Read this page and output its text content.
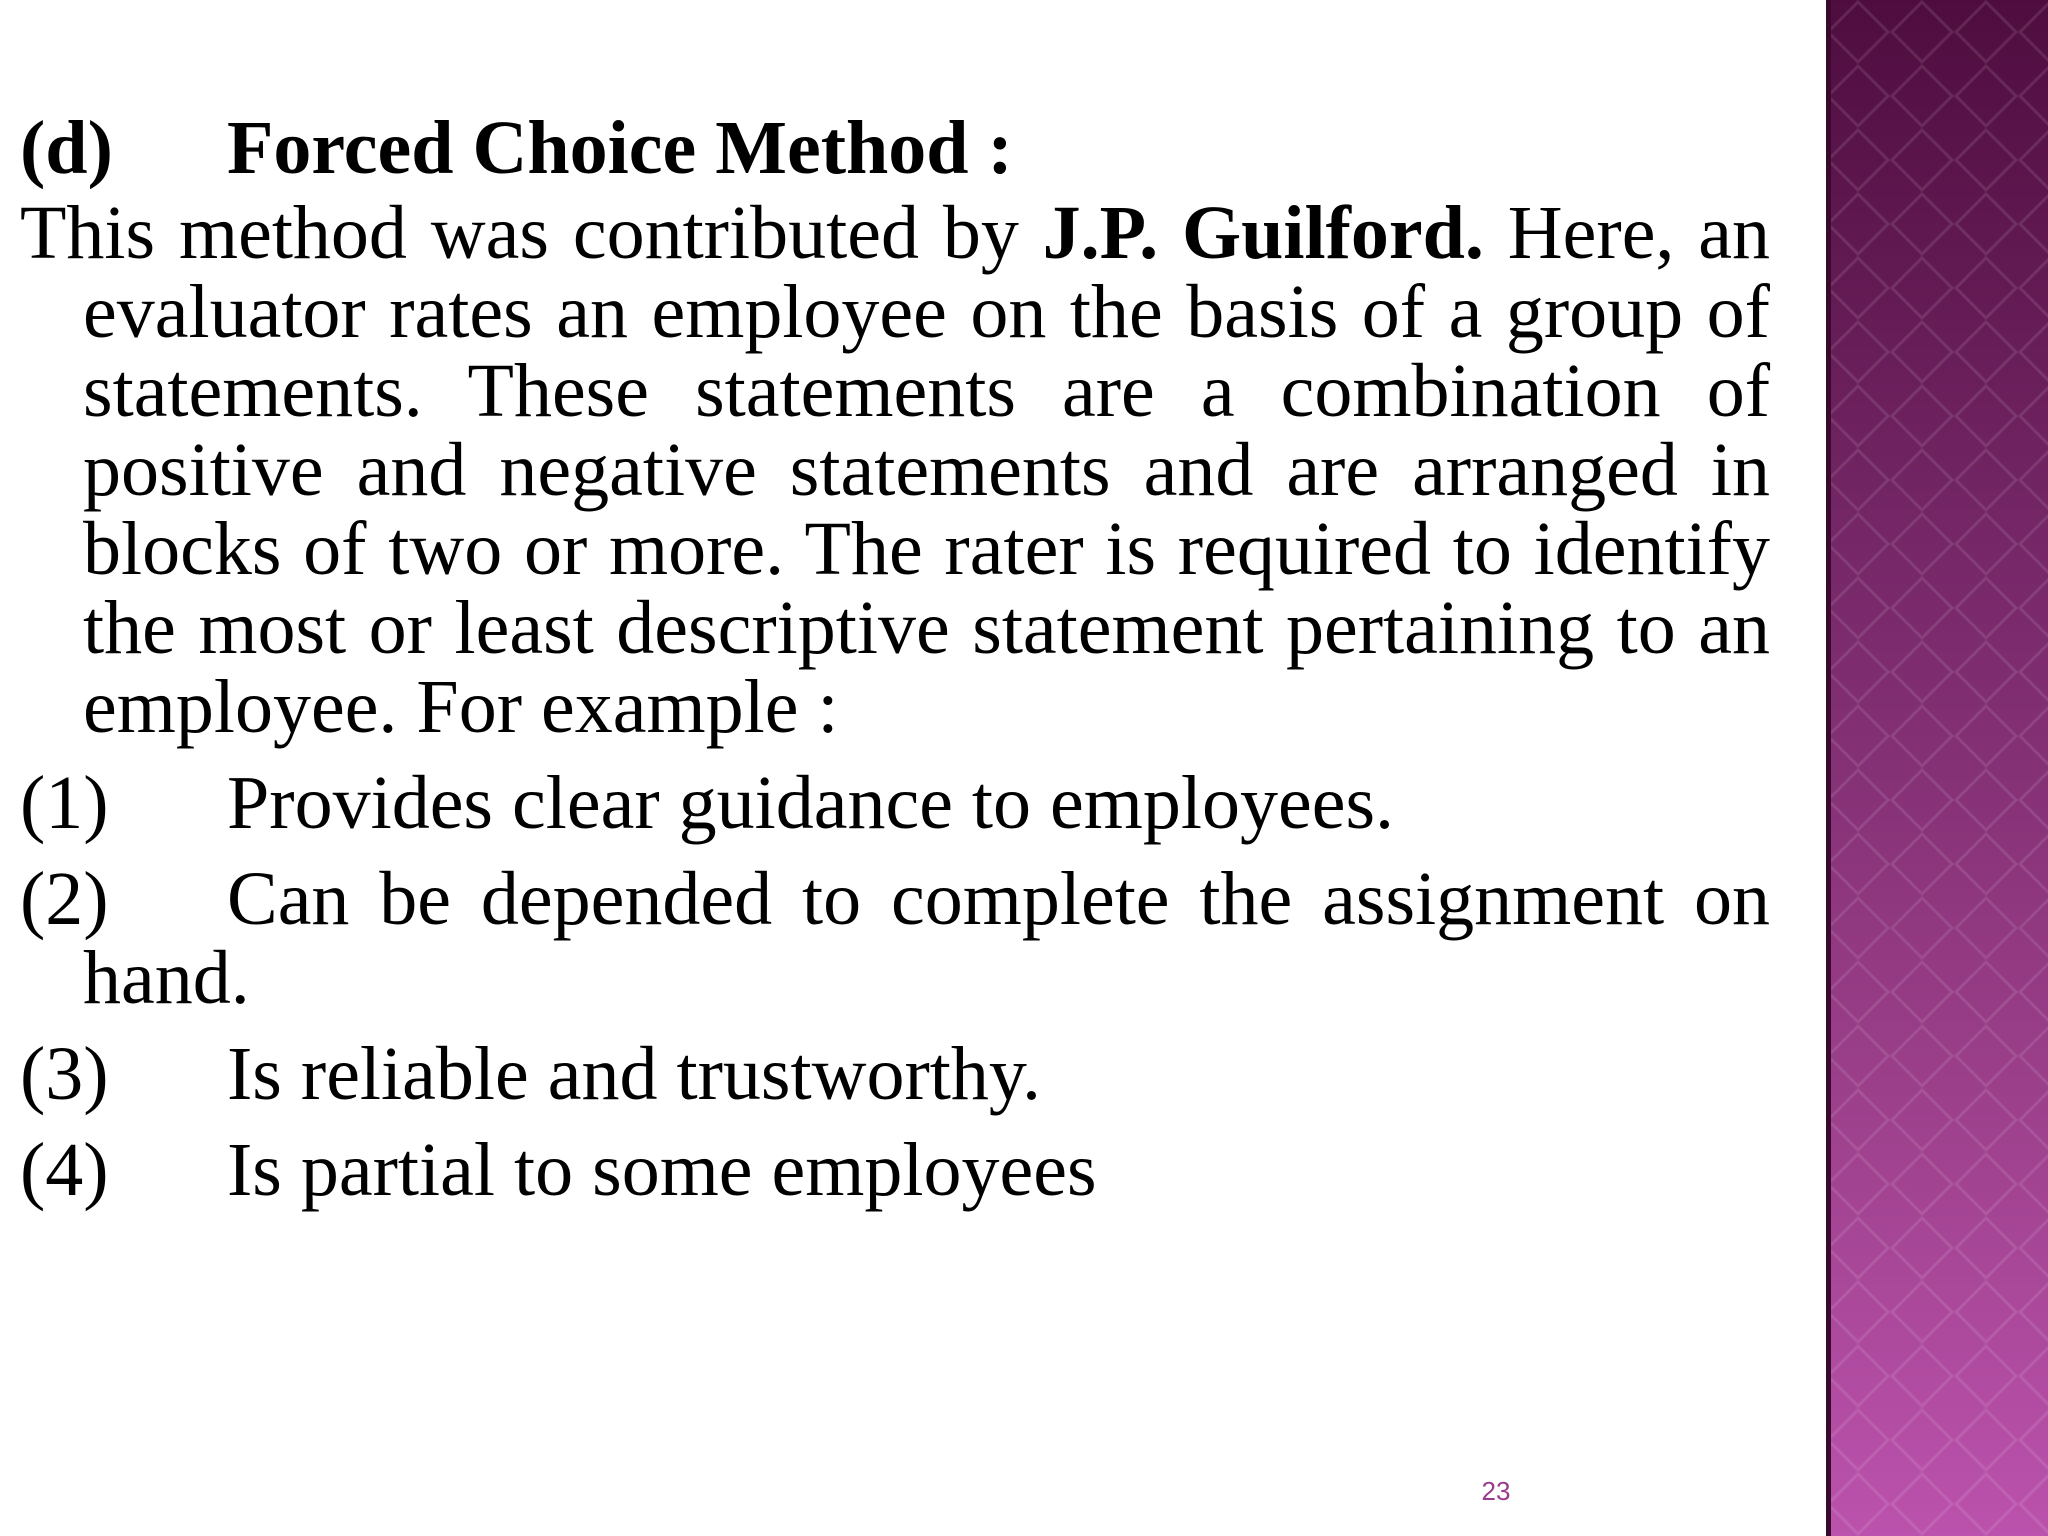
(d) Forced Choice Method :
This method was contributed by J.P. Guilford. Here, an evaluator rates an employee on the basis of a group of statements. These statements are a combination of positive and negative statements and are arranged in blocks of two or more. The rater is required to identify the most or least descriptive statement pertaining to an employee. For example :
(1) Provides clear guidance to employees.
(2) Can be depended to complete the assignment on hand.
(3) Is reliable and trustworthy.
(4) Is partial to some employees
23
